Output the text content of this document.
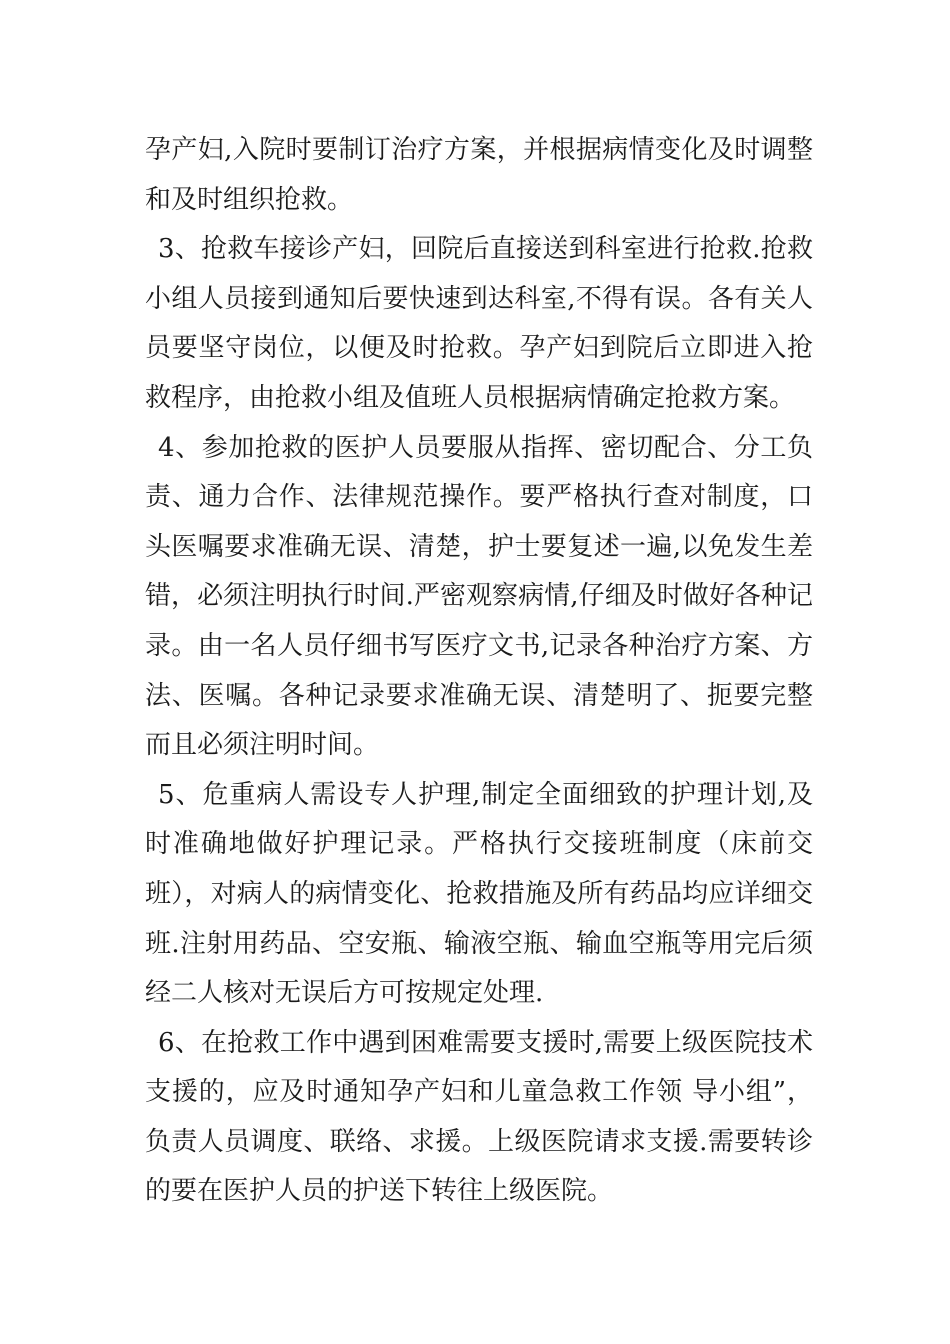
孕产妇,入院时要制订治疗方案，并根据病情变化及时调整和及时组织抢救。

3、抢救车接诊产妇，回院后直接送到科室进行抢救.抢救小组人员接到通知后要快速到达科室,不得有误。各有关人员要坚守岗位，以便及时抢救。孕产妇到院后立即进入抢救程序，由抢救小组及值班人员根据病情确定抢救方案。

4、参加抢救的医护人员要服从指挥、密切配合、分工负责、通力合作、法律规范操作。要严格执行查对制度，口头医嘱要求准确无误、清楚，护士要复述一遍,以免发生差错，必须注明执行时间.严密观察病情,仔细及时做好各种记录。由一名人员仔细书写医疗文书,记录各种治疗方案、方法、医嘱。各种记录要求准确无误、清楚明了、扼要完整而且必须注明时间。

5、危重病人需设专人护理,制定全面细致的护理计划,及时准确地做好护理记录。严格执行交接班制度（床前交班），对病人的病情变化、抢救措施及所有药品均应详细交班.注射用药品、空安瓶、输液空瓶、输血空瓶等用完后须经二人核对无误后方可按规定处理.

6、在抢救工作中遇到困难需要支援时,需要上级医院技术支援的，应及时通知孕产妇和儿童急救工作领 导小组”，负责人员调度、联络、求援。上级医院请求支援.需要转诊的要在医护人员的护送下转往上级医院。
